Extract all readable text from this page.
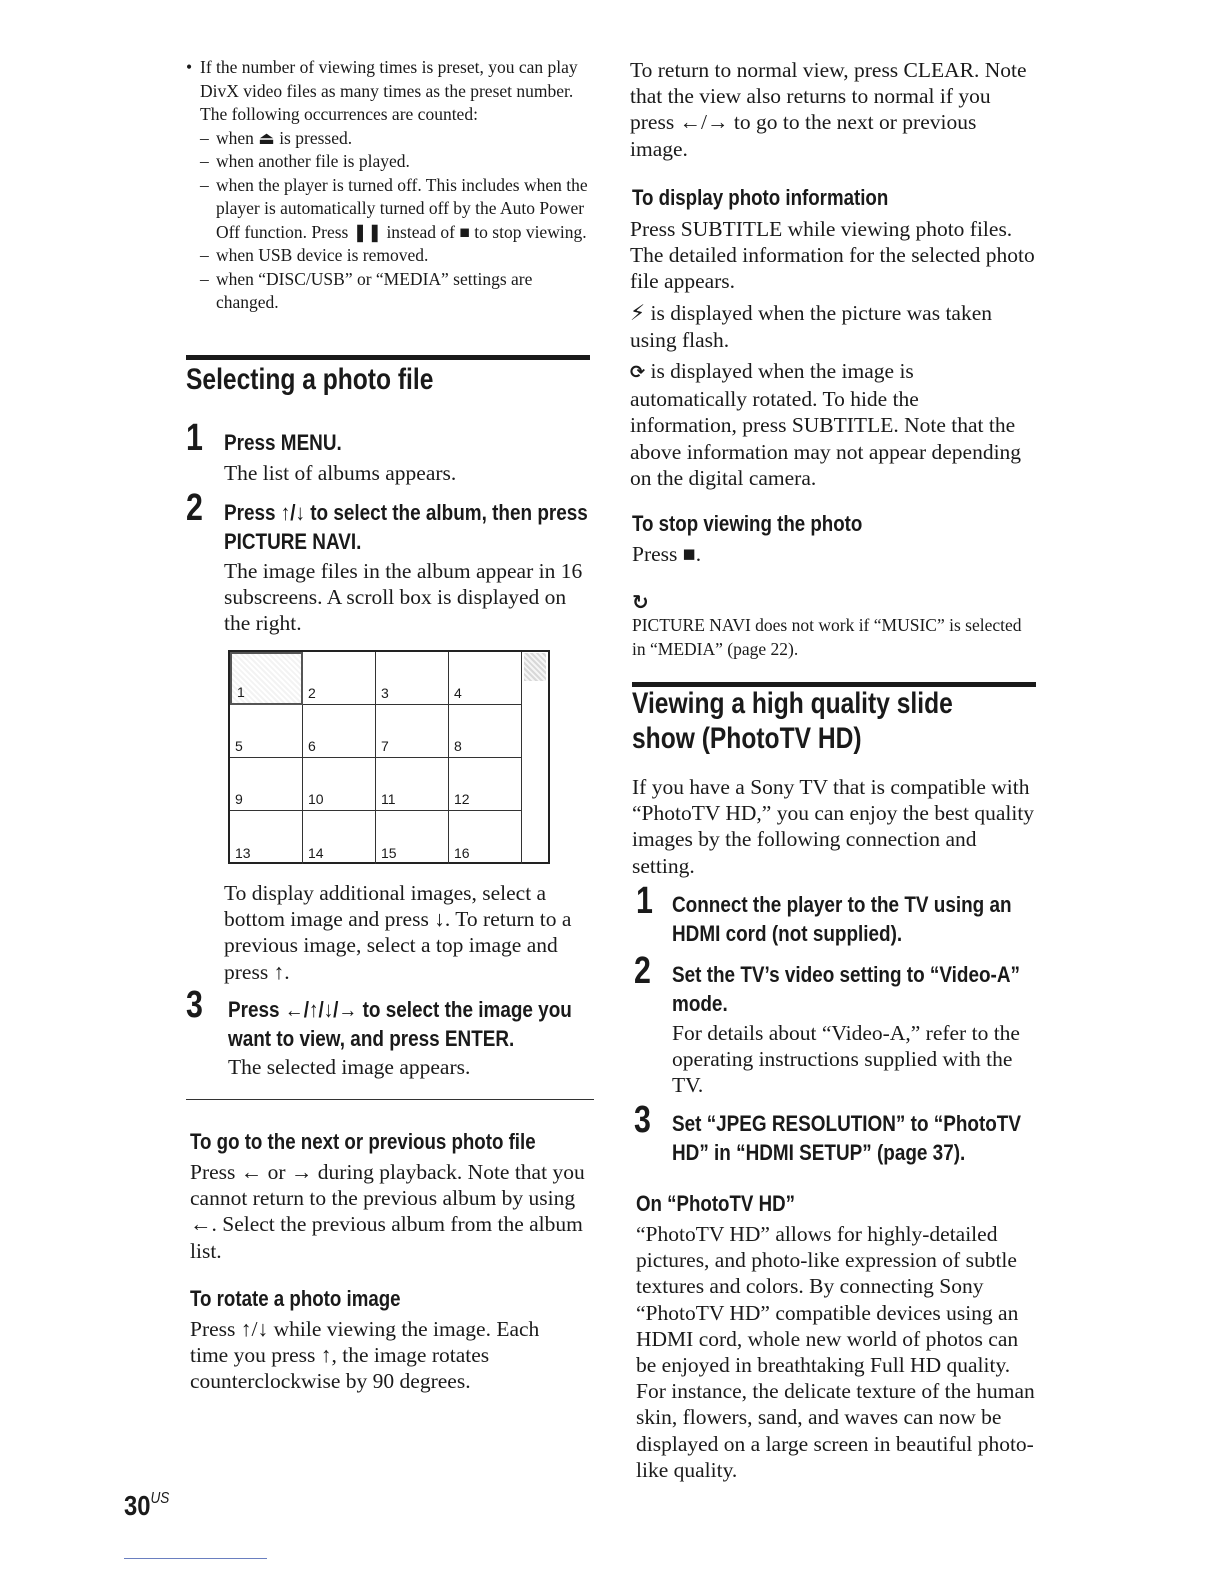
• If the number of viewing times is preset, you can play DivX video files as many times as the preset number. The following occurrences are counted:
– when ⏏ is pressed.
– when another file is played.
– when the player is turned off. This includes when the player is automatically turned off by the Auto Power Off function. Press ❚❚ instead of ■ to stop viewing.
– when USB device is removed.
– when “DISC/USB” or “MEDIA” settings are changed.
Selecting a photo file
1 Press MENU.

The list of albums appears.

2 Press ↑/↓ to select the album, then press PICTURE NAVI.

The image files in the album appear in 16 subscreens. A scroll box is displayed on the right.

1	2	3	4
5	6	7	8
9	10	11	12
13	14	15	16

To display additional images, select a bottom image and press ↓. To return to a previous image, select a top image and press ↑.

3 Press ←/↑/↓/→ to select the image you want to view, and press ENTER.

The selected image appears.

To go to the next or previous photo file

Press ← or → during playback. Note that you cannot return to the previous album by using ←. Select the previous album from the album list.

To rotate a photo image

Press ↑/↓ while viewing the image. Each time you press ↑, the image rotates counterclockwise by 90 degrees.

$30^{US}$

To return to normal view, press CLEAR. Note that the view also returns to normal if you press ←/→ to go to the next or previous image.

To display photo information

Press SUBTITLE while viewing photo files. The detailed information for the selected photo file appears.

⚡ is displayed when the picture was taken using flash.

⟳ is displayed when the image is automatically rotated. To hide the information, press SUBTITLE. Note that the above information may not appear depending on the digital camera.

To stop viewing the photo

Press ■.

↻

PICTURE NAVI does not work if “MUSIC” is selected in “MEDIA” (page 22).

Viewing a high quality slide
show (PhotoTV HD)

If you have a Sony TV that is compatible with “PhotoTV HD,” you can enjoy the best quality images by the following connection and setting.

1 Connect the player to the TV using an
HDMI cord (not supplied).
2 Set the TV’s video setting to “Video-A”
mode.

For details about “Video-A,” refer to the operating instructions supplied with the TV.

3 Set “JPEG RESOLUTION” to “PhotoTV
HD” in “HDMI SETUP” (page 37).
On “PhotoTV HD”

“PhotoTV HD” allows for highly-detailed pictures, and photo-like expression of subtle textures and colors. By connecting Sony “PhotoTV HD” compatible devices using an HDMI cord, whole new world of photos can be enjoyed in breathtaking Full HD quality. For instance, the delicate texture of the human skin, flowers, sand, and waves can now be displayed on a large screen in beautiful photo-like quality.
